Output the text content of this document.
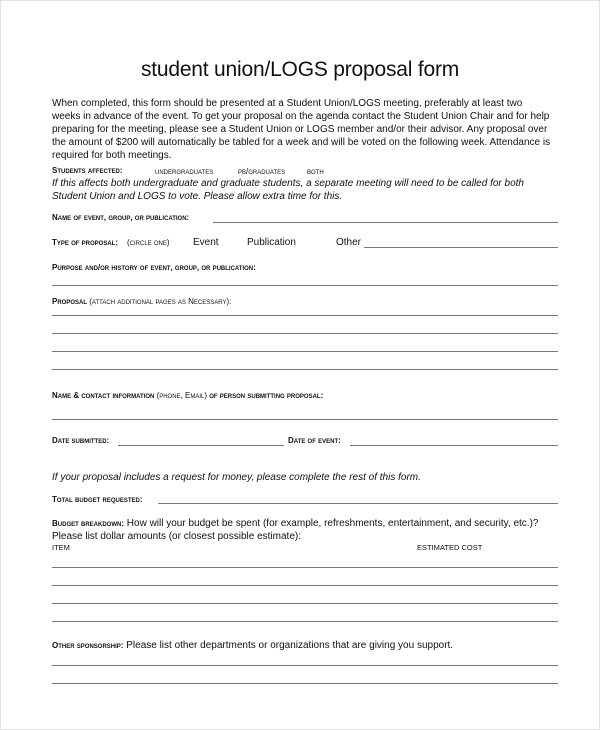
student union/LOGS proposal form
When completed, this form should be presented at a Student Union/LOGS meeting, preferably at least two weeks in advance of the event. To get your proposal on the agenda contact the Student Union Chair and for help preparing for the meeting, please see a Student Union or LOGS member and/or their advisor. Any proposal over the amount of $200 will automatically be tabled for a week and will be voted on the following week. Attendance is required for both meetings.
Students affected:	undergraduates	pb/graduates	both
If this affects both undergraduate and graduate students, a separate meeting will need to be called for both Student Union and LOGS to vote. Please allow extra time for this.
Name of event, group, or publication:
Type of proposal: (circle one) Event	Publication	Other
Purpose and/or history of event, group, or publication:
Proposal (attach additional pages as Necessary):
Name & contact information (phone, Email) of person submitting proposal:
Date submitted:	Date of event:
If your proposal includes a request for money, please complete the rest of this form.
Total budget requested:
Budget breakdown: How will your budget be spent (for example, refreshments, entertainment, and security, etc.)? Please list dollar amounts (or closest possible estimate):
ITEM	ESTIMATED COST
Other sponsorship: Please list other departments or organizations that are giving you support.
